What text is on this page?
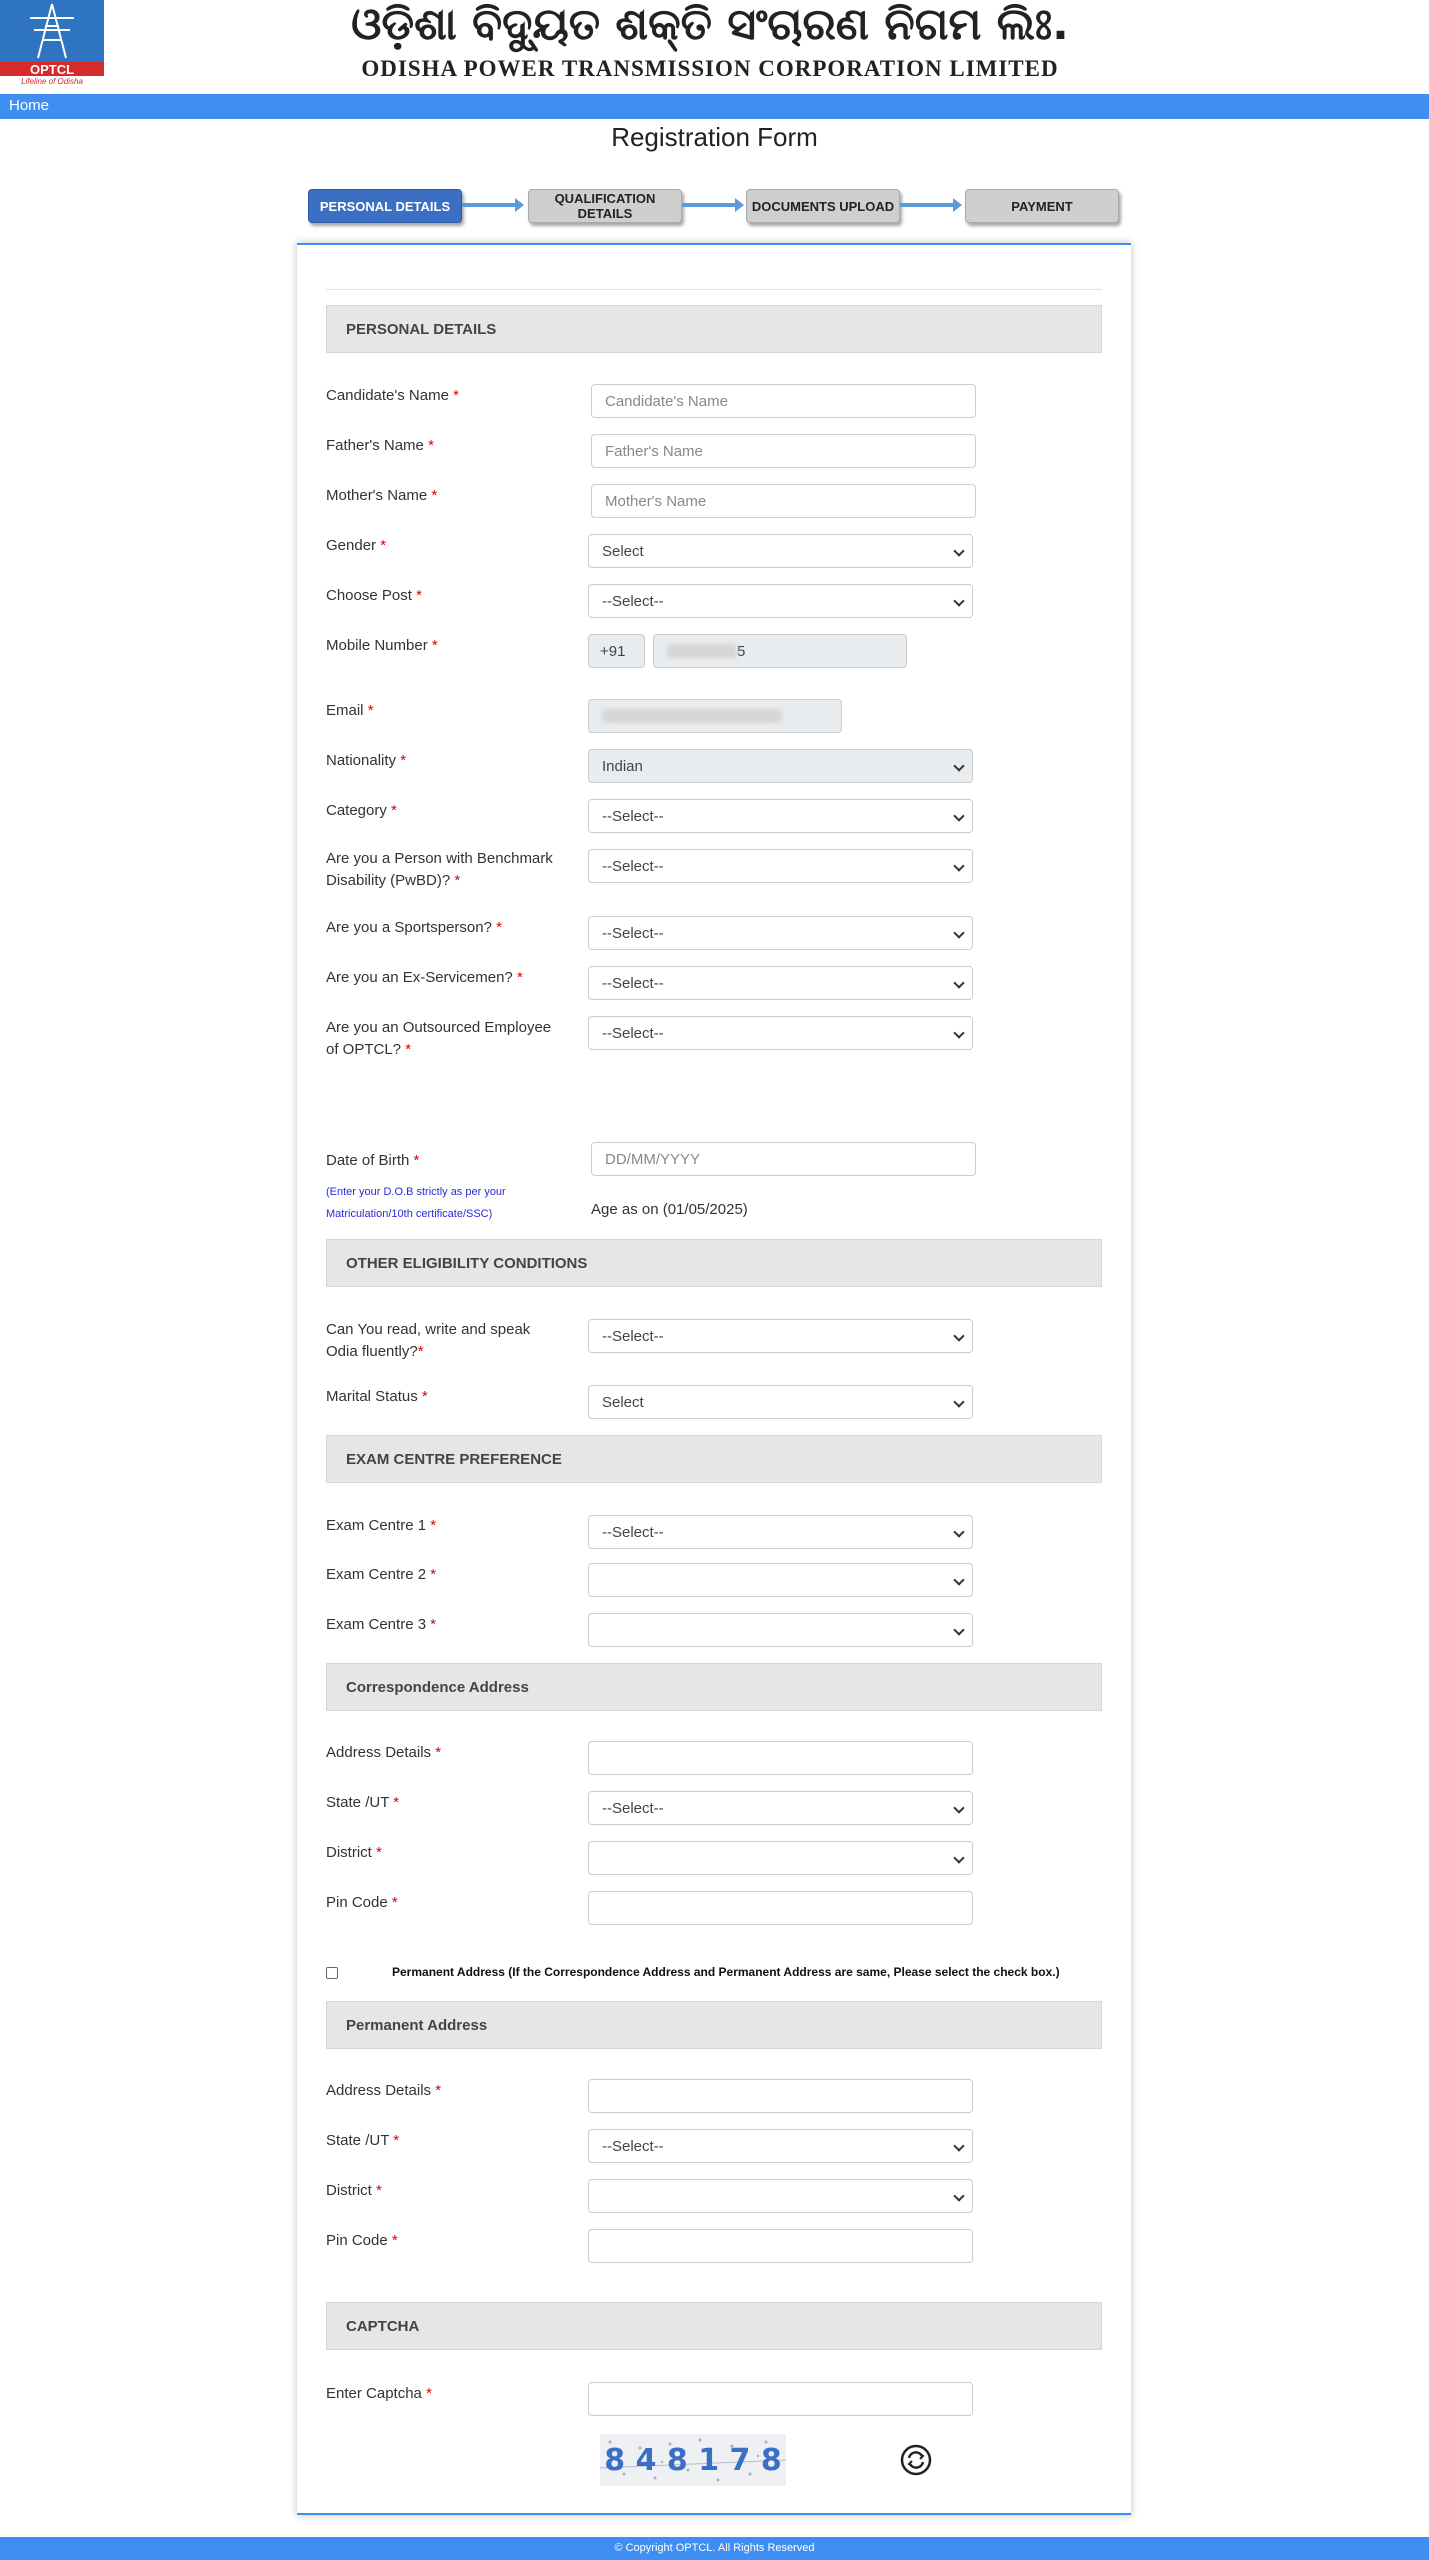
OPTCL
Lifeline of Odisha
ଓଡ଼ିଶା ବିଦ୍ୟୁତ ଶକ୍ତି ସଂଚାରଣ ନିଗମ ଲିଃ.
ODISHA POWER TRANSMISSION CORPORATION LIMITED
Home
Registration Form
PERSONAL DETAILS	QUALIFICATION DETAILS	DOCUMENTS UPLOAD	PAYMENT
PERSONAL DETAILS
Candidate's Name *	Candidate's Name
Father's Name *	Father's Name
Mother's Name *	Mother's Name
Gender *	Select
Choose Post *	--Select--
Mobile Number *	+91	5
Email *
Nationality *	Indian
Category *	--Select--
Are you a Person with Benchmark Disability (PwBD)? *
--Select--
Are you a Sportsperson? *	--Select--
Are you an Ex-Servicemen? *	--Select--
Are you an Outsourced Employee of OPTCL? *
--Select--
Date of Birth *	DD/MM/YYYY
(Enter your D.O.B strictly as per your Matriculation/10th certificate/SSC)	Age as on (01/05/2025)
OTHER ELIGIBILITY CONDITIONS
Can You read, write and speak Odia fluently?*
--Select--
Marital Status *	Select
EXAM CENTRE PREFERENCE
Exam Centre 1 *	--Select--
Exam Centre 2 *
Exam Centre 3 *
Correspondence Address
Address Details *
State /UT *	--Select--
District *
Pin Code *
Permanent Address (If the Correspondence Address and Permanent Address are same, Please select the check box.)
Permanent Address
Address Details *
State /UT *	--Select--
District *
Pin Code *
CAPTCHA
Enter Captcha *
8 4 8 1 7 8
© Copyright OPTCL. All Rights Reserved
